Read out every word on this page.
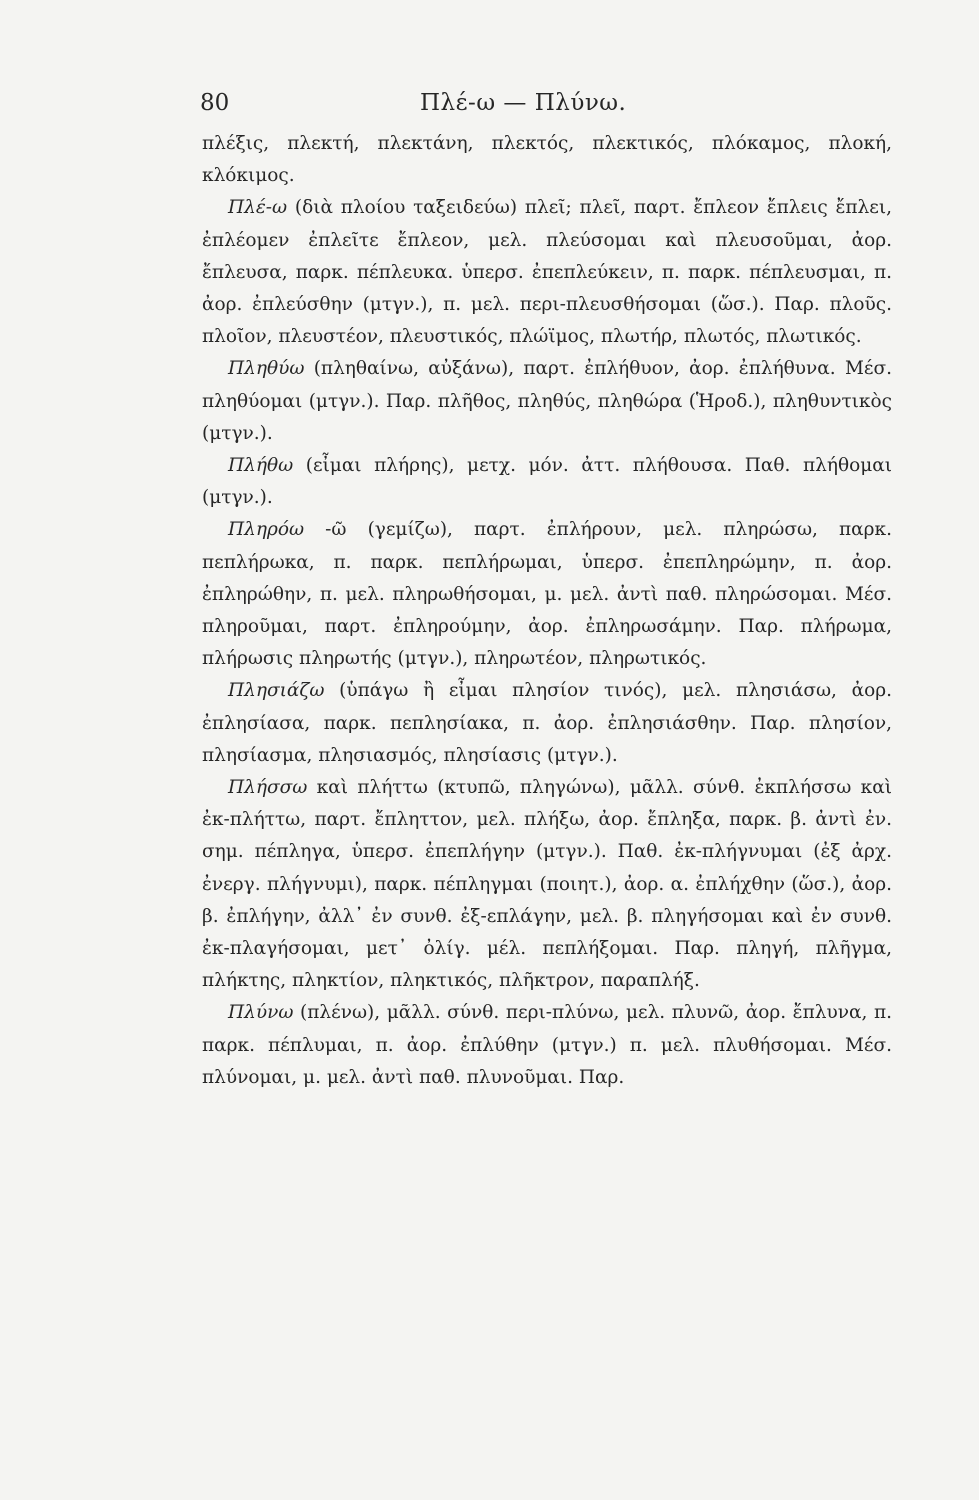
80	Πλέ-ω — Πλύνω.

πλέξις, πλεκτή, πλεκτάνη, πλεκτός, πλεκτικός, πλόκαμος, πλοκή, κλόκιμος.

Πλέ-ω (διὰ πλοίου ταξειδεύω) πλεῖ; πλεῖ, παρτ. ἔπλεον ἔπλεις ἔπλει, ἐπλέομεν ἐπλεῖτε ἔπλεον, μελ. πλεύσομαι καὶ πλευσοῦμαι, ἀορ. ἔπλευσα, παρκ. πέπλευκα. ὑπερσ. ἐπεπλεύκειν, π. παρκ. πέπλευσμαι, π. ἀορ. ἐπλεύσθην (μτγν.), π. μελ. περι-πλευσθήσομαι (ὥσ.). Παρ. πλοῦς. πλοῖον, πλευστέον, πλευστικός, πλώϊμος, πλωτήρ, πλωτός, πλωτικός.

Πληθύω (πληθαίνω, αὐξάνω), παρτ. ἐπλήθυον, ἀορ. ἐπλήθυνα. Μέσ. πληθύομαι (μτγν.). Παρ. πλῆθος, πληθύς, πληθώρα (Ἡροδ.), πληθυντικὸς (μτγν.).

Πλήθω (εἶμαι πλήρης), μετχ. μόν. ἀττ. πλήθουσα. Παθ. πλήθομαι (μτγν.).

Πληρόω -ῶ (γεμίζω), παρτ. ἐπλήρουν, μελ. πληρώσω, παρκ. πεπλήρωκα, π. παρκ. πεπλήρωμαι, ὑπερσ. ἐπεπληρώμην, π. ἀορ. ἐπληρώθην, π. μελ. πληρωθήσομαι, μ. μελ. ἀντὶ παθ. πληρώσομαι. Μέσ. πληροῦμαι, παρτ. ἐπληρούμην, ἀορ. ἐπληρωσάμην. Παρ. πλήρωμα, πλήρωσις πληρωτής (μτγν.), πληρωτέον, πληρωτικός.

Πλησιάζω (ὑπάγω ἢ εἶμαι πλησίον τινός), μελ. πλησιάσω, ἀορ. ἐπλησίασα, παρκ. πεπλησίακα, π. ἀορ. ἐπλησιάσθην. Παρ. πλησίον, πλησίασμα, πλησιασμός, πλησίασις (μτγν.).

Πλήσσω καὶ πλήττω (κτυπῶ, πληγώνω), μᾶλλ. σύνθ. ἐκπλήσσω καὶ ἐκ-πλήττω, παρτ. ἔπληττον, μελ. πλήξω, ἀορ. ἔπληξα, παρκ. β. ἀντὶ ἐν. σημ. πέπληγα, ὑπερσ. ἐπεπλήγην (μτγν.). Παθ. ἐκ-πλήγνυμαι (ἐξ ἀρχ. ἐνεργ. πλήγνυμι), παρκ. πέπληγμαι (ποιητ.), ἀορ. α. ἐπλήχθην (ὥσ.), ἀορ. β. ἐπλήγην, ἀλλ᾽ ἐν συνθ. ἐξ-επλάγην, μελ. β. πληγήσομαι καὶ ἐν συνθ. ἐκ-πλαγήσομαι, μετ᾽ ὀλίγ. μέλ. πεπλήξομαι. Παρ. πληγή, πλῆγμα, πλήκτης, πληκτίον, πληκτικός, πλῆκτρον, παραπλήξ.

Πλύνω (πλένω), μᾶλλ. σύνθ. περι-πλύνω, μελ. πλυνῶ, ἀορ. ἔπλυνα, π. παρκ. πέπλυμαι, π. ἀορ. ἐπλύθην (μτγν.) π. μελ. πλυθήσομαι. Μέσ. πλύνομαι, μ. μελ. ἀντὶ παθ. πλυνοῦμαι. Παρ.
